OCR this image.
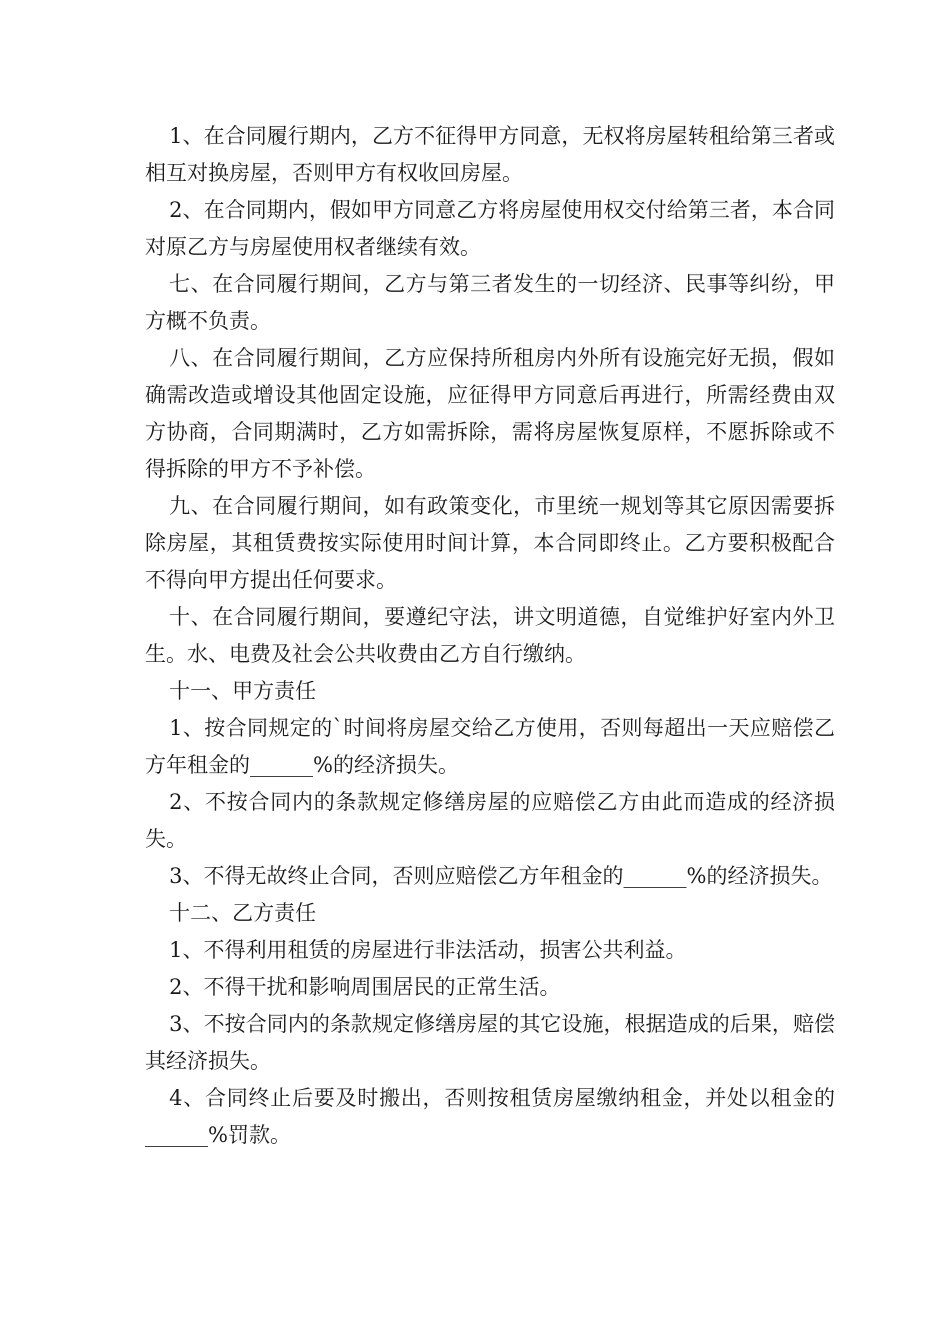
1、在合同履行期内，乙方不征得甲方同意，无权将房屋转租给第三者或相互对换房屋，否则甲方有权收回房屋。

2、在合同期内，假如甲方同意乙方将房屋使用权交付给第三者，本合同对原乙方与房屋使用权者继续有效。

七、在合同履行期间，乙方与第三者发生的一切经济、民事等纠纷，甲方概不负责。

八、在合同履行期间，乙方应保持所租房内外所有设施完好无损，假如确需改造或增设其他固定设施，应征得甲方同意后再进行，所需经费由双方协商，合同期满时，乙方如需拆除，需将房屋恢复原样，不愿拆除或不得拆除的甲方不予补偿。

九、在合同履行期间，如有政策变化，市里统一规划等其它原因需要拆除房屋，其租赁费按实际使用时间计算，本合同即终止。乙方要积极配合不得向甲方提出任何要求。

十、在合同履行期间，要遵纪守法，讲文明道德，自觉维护好室内外卫生。水、电费及社会公共收费由乙方自行缴纳。

十一、甲方责任

1、按合同规定的`时间将房屋交给乙方使用，否则每超出一天应赔偿乙方年租金的______%的经济损失。

2、不按合同内的条款规定修缮房屋的应赔偿乙方由此而造成的经济损失。

3、不得无故终止合同，否则应赔偿乙方年租金的______%的经济损失。

十二、乙方责任

1、不得利用租赁的房屋进行非法活动，损害公共利益。

2、不得干扰和影响周围居民的正常生活。

3、不按合同内的条款规定修缮房屋的其它设施，根据造成的后果，赔偿其经济损失。

4、合同终止后要及时搬出，否则按租赁房屋缴纳租金，并处以租金的______%罚款。
